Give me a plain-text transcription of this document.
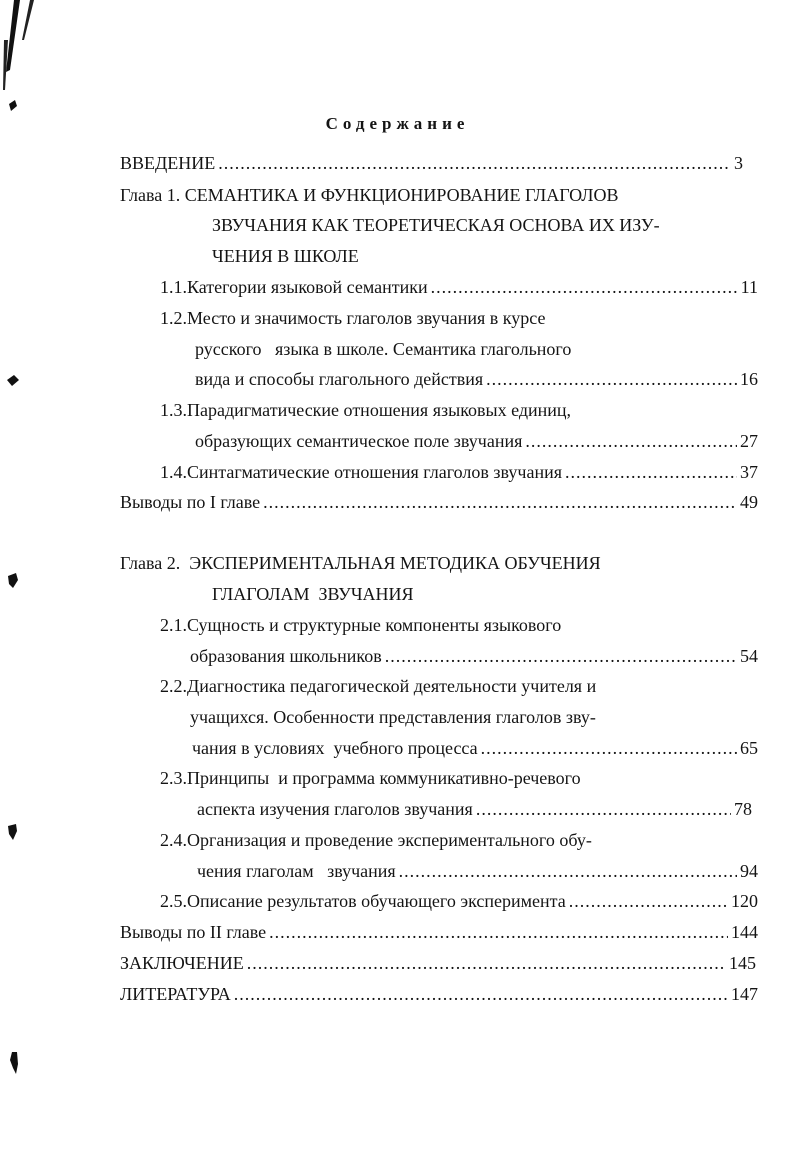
Содержание
ВВЕДЕНИЕ .....	3
Глава 1. СЕМАНТИКА И ФУНКЦИОНИРОВАНИЕ ГЛАГОЛОВ
ЗВУЧАНИЯ КАК ТЕОРЕТИЧЕСКАЯ ОСНОВА ИХ ИЗУ-
ЧЕНИЯ В ШКОЛЕ
1.1.Категории языковой семантики .....	11
1.2.Место и значимость глаголов звучания в курсе
русского   языка в школе. Семантика глагольного
вида и способы глагольного действия .....	16
1.3.Парадигматические отношения языковых единиц,
образующих семантическое поле звучания .....	27
1.4.Синтагматические отношения глаголов звучания .....	37
Выводы по I главе .....	49
Глава 2.  ЭКСПЕРИМЕНТАЛЬНАЯ МЕТОДИКА ОБУЧЕНИЯ
ГЛАГОЛАМ  ЗВУЧАНИЯ
2.1.Сущность и структурные компоненты языкового
образования школьников .....	54
2.2.Диагностика педагогической деятельности учителя и
учащихся. Особенности представления глаголов зву-
чания в условиях  учебного процесса .....	65
2.3.Принципы  и программа коммуникативно-речевого
аспекта изучения глаголов звучания .....	78
2.4.Организация и проведение экспериментального обу-
чения глаголам   звучания .....	94
2.5.Описание результатов обучающего эксперимента .....	120
Выводы по II главе .....	144
ЗАКЛЮЧЕНИЕ .....	145
ЛИТЕРАТУРА .....	147
